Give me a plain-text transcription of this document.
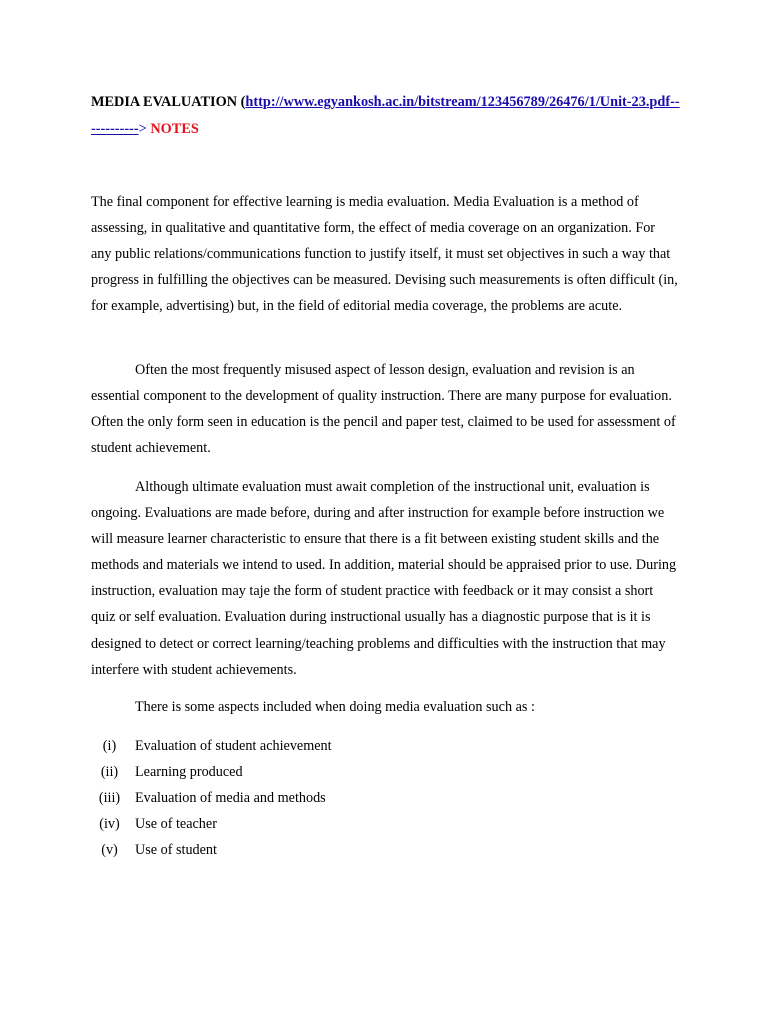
MEDIA EVALUATION (http://www.egyankosh.ac.in/bitstream/123456789/26476/1/Unit-23.pdf------------> NOTES
The final component for effective learning is media evaluation. Media Evaluation is a method of assessing, in qualitative and quantitative form, the effect of media coverage on an organization. For any public relations/communications function to justify itself, it must set objectives in such a way that progress in fulfilling the objectives can be measured. Devising such measurements is often difficult (in, for example, advertising) but, in the field of editorial media coverage, the problems are acute.
Often the most frequently misused aspect of lesson design, evaluation and revision is an essential component to the development of quality instruction. There are many purpose for evaluation. Often the only form seen in education is the pencil and paper test, claimed to be used for assessment of student achievement.
Although ultimate evaluation must await completion of the instructional unit, evaluation is ongoing. Evaluations are made before, during and after instruction for example before instruction we will measure learner characteristic to ensure that there is a fit between existing student skills and the methods and materials we intend to used. In addition, material should be appraised prior to use. During instruction, evaluation may taje the form of student practice with feedback or it may consist a short quiz or self evaluation. Evaluation during instructional usually has a diagnostic purpose that is it is designed to detect or correct learning/teaching problems and difficulties with the instruction that may interfere with student achievements.
There is some aspects included when doing media evaluation such as :
(i)	Evaluation of student achievement
(ii)	Learning produced
(iii)	Evaluation of media and methods
(iv)	Use of teacher
(v)	Use of student
